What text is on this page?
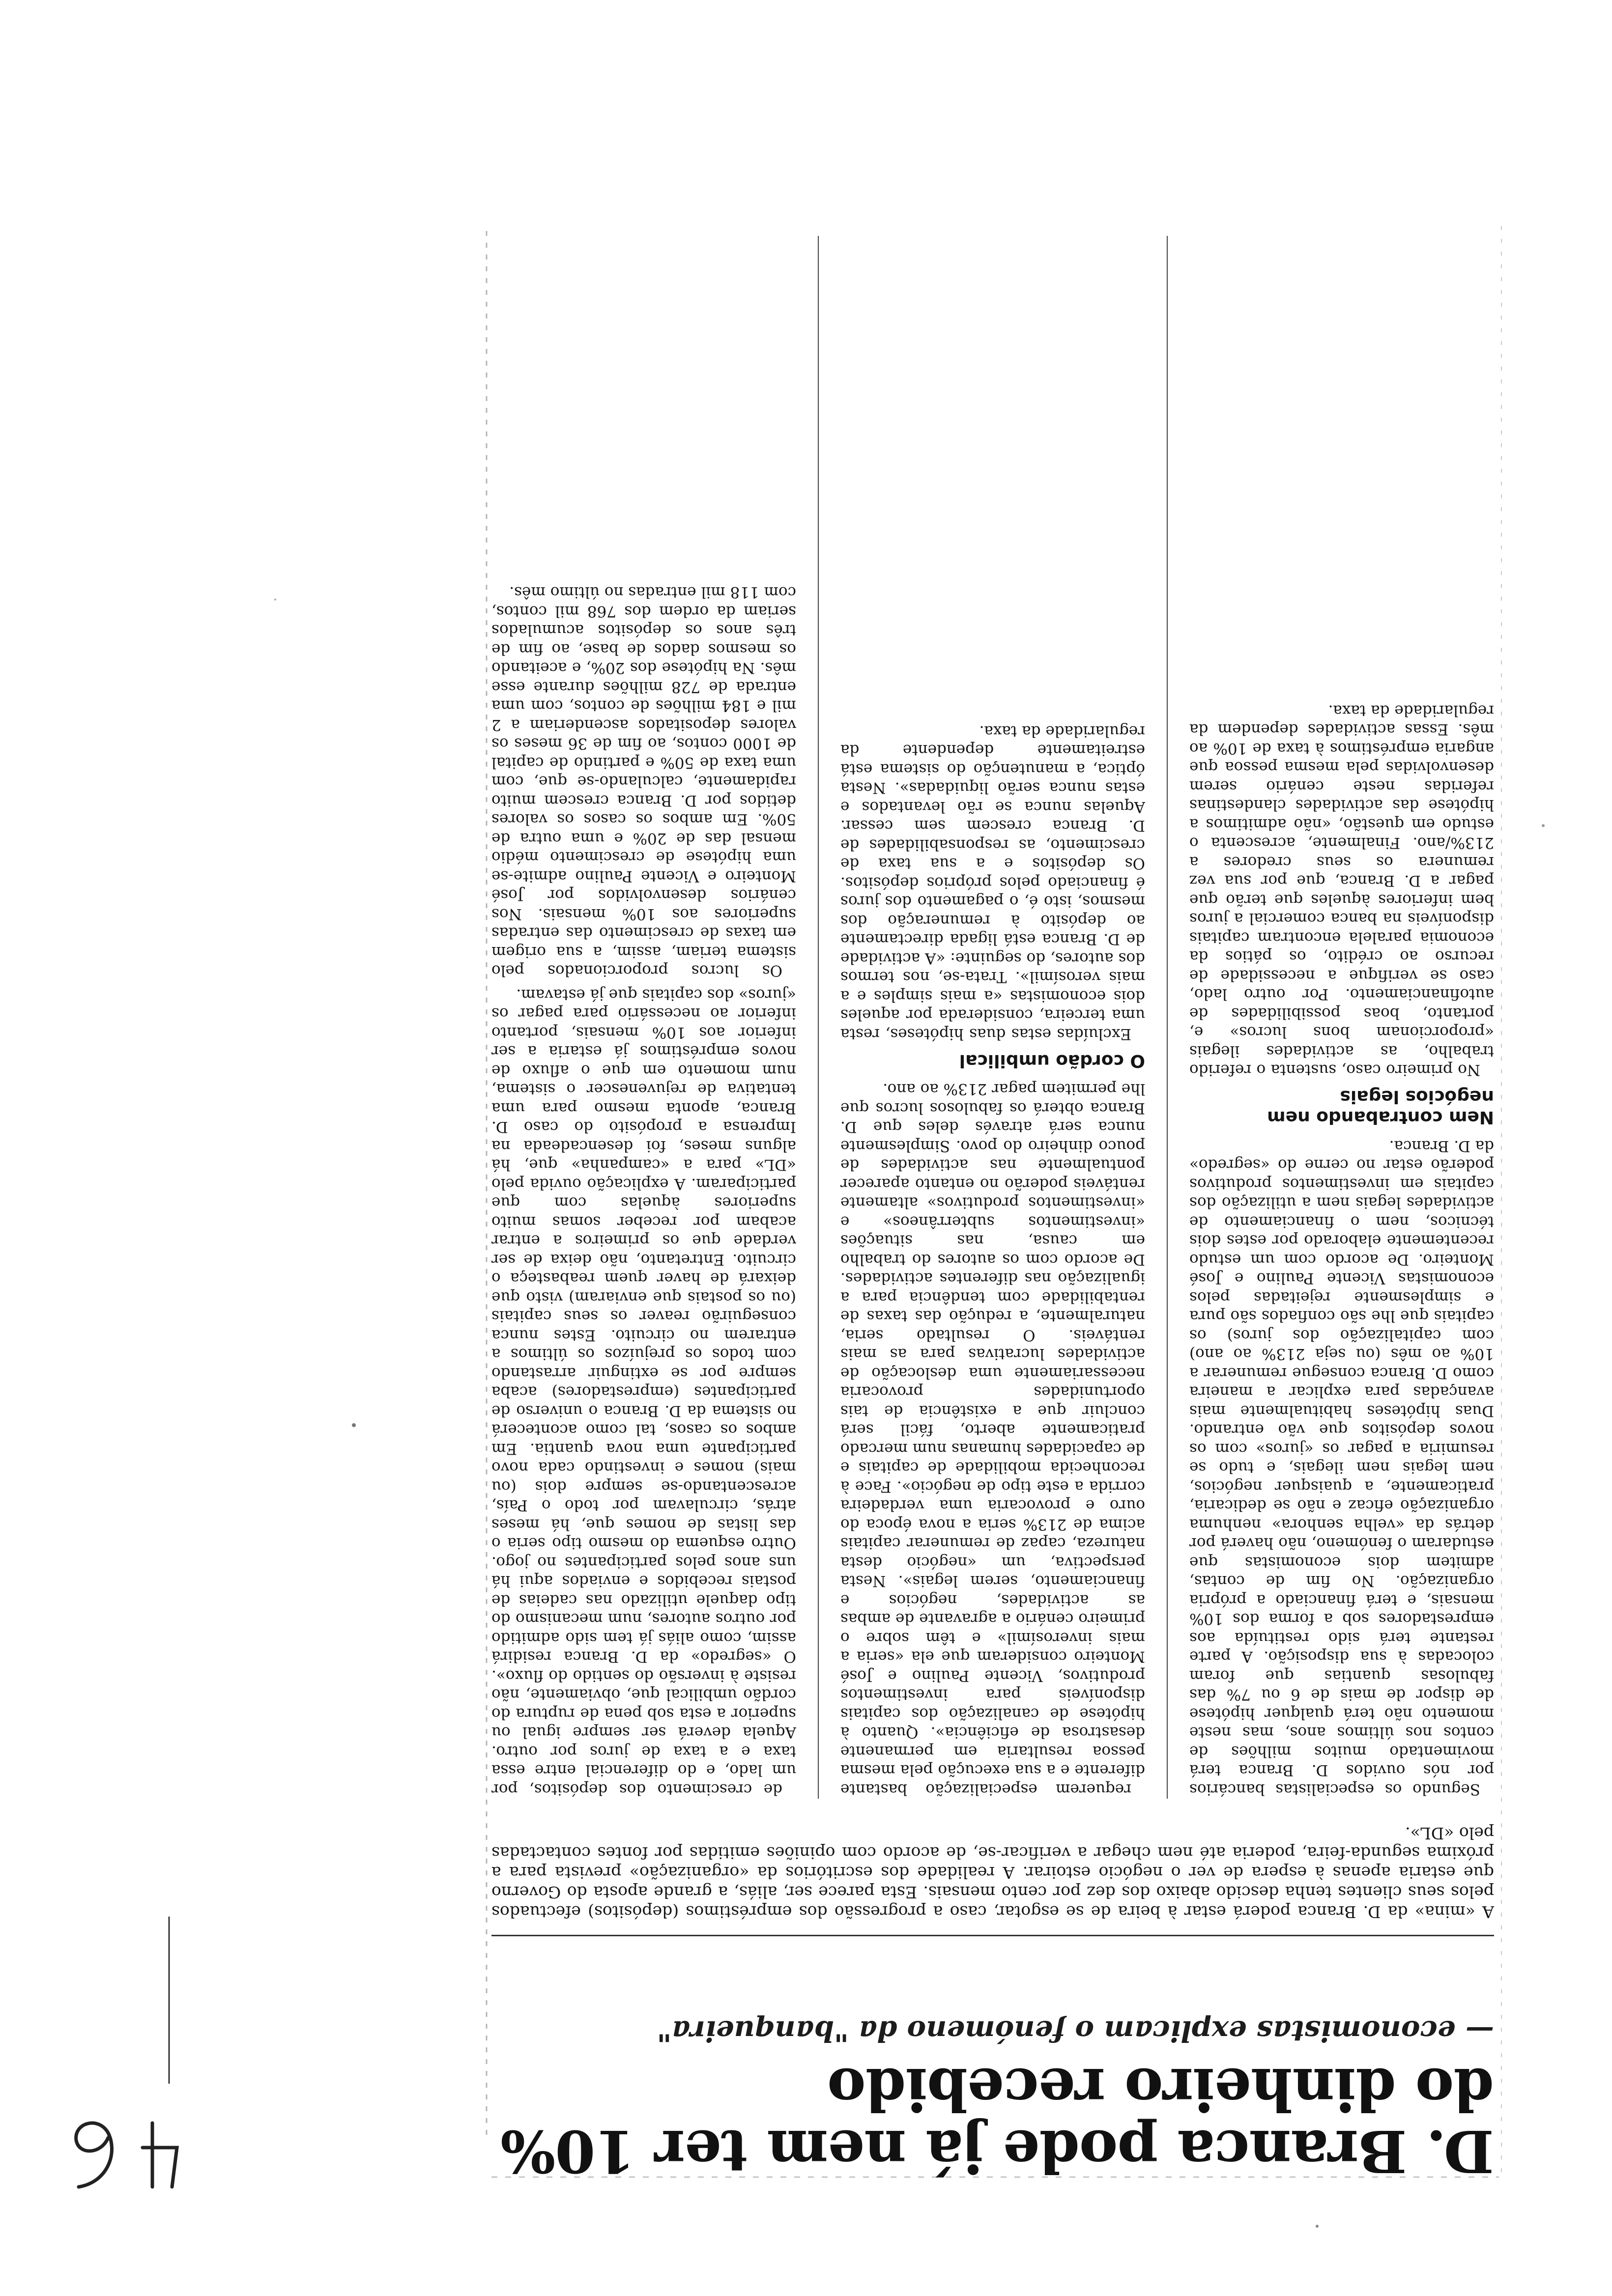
D. Branca pode já nem ter 10% do dinheiro recebido

— economistas explicam o fenómeno da "banqueira"

A «mina» da D. Branca poderá estar à beira de se esgotar, caso a progressão dos empréstimos (depósitos) efectuados pelos seus clientes tenha descido abaixo dos dez por cento mensais. Esta parece ser, aliás, a grande aposta do Governo que estaria apenas à espera de ver o negócio estoirar. A realidade dos escritórios da «organização» prevista para a próxima segunda-feira, poderia até nem chegar a verificar-se, de acordo com opiniões emitidas por fontes contactadas pelo «DL».

Segundo os especialistas bancários por nós ouvidos D. Branca terá movimentado muitos milhões de contos nos últimos anos, mas neste momento não terá qualquer hipótese de dispor de mais de 6 ou 7% das fabulosas quantias que foram colocadas à sua disposição. A parte restante terá sido restituída aos emprestadores sob a forma dos 10% mensais, e terá financiado a própria organização. No fim de contas, admitem dois economistas que estudaram o fenómeno, não haverá por detrás da «velha senhora» nenhuma organização eficaz e não se dedicaria, praticamente, a quaisquer negócios, nem legais nem ilegais, e tudo se resumiria a pagar os «juros» com os novos depósitos que vão entrando. Duas hipóteses habitualmente mais avançadas para explicar a maneira como D. Branca consegue remunerar a 10% ao mês (ou seja 213% ao ano) com capitalização dos juros) os capitais que lhe são confiados são pura e simplesmente rejeitadas pelos economistas Vicente Paulino e José Monteiro. De acordo com um estudo recentemente elaborado por estes dois técnicos, nem o financiamento de actividades legais nem a utilização dos capitais em investimentos produtivos poderão estar no cerne do «segredo» da D. Branca.

Nem contrabando nem negócios legais

No primeiro caso, sustenta o referido trabalho, as actividades ilegais «proporcionam bons lucros» e, portanto, boas possibilidades de autofinanciamento. Por outro lado, caso se verifique a necessidade de recurso ao crédito, os pátios da economia paralela encontram capitais disponíveis na banca comercial a juros bem inferiores àqueles que terão que pagar a D. Branca, que por sua vez remunera os seus credores a 213%/ano. Finalmente, acrescenta o estudo em questão, «não admitimos a hipótese das actividades clandestinas referidas neste cenário serem desenvolvidas pela mesma pessoa que angaria empréstimos à taxa de 10% ao mês. Essas actividades dependem da regularidade da taxa.

requerem especialização bastante diferente e a sua execução pela mesma pessoa resultaria em permanente desastrosa de eficiência». Quanto à hipótese de canalização dos capitais disponíveis para investimentos produtivos, Vicente Paulino e José Monteiro consideram que ela «seria a mais inverosímil» e têm sobre o primeiro cenário a agravante de ambas as actividades, negócios e financiamento, serem legais». Nesta perspectiva, um «negócio desta natureza, capaz de remunerar capitais acima de 213% seria a nova época do ouro e provocaria uma verdadeira corrida a este tipo de negócio». Face à reconhecida mobilidade de capitais e de capacidades humanas num mercado praticamente aberto, fácil será concluir que a existência de tais oportunidades provocaria necessariamente uma deslocação de actividades lucrativas para as mais rentáveis. O resultado seria, naturalmente, a redução das taxas de rentabilidade com tendência para a igualização nas diferentes actividades. De acordo com os autores do trabalho em causa, nas situações «investimentos subterrâneos» e «investimentos produtivos» altamente rentáveis poderão no entanto aparecer pontualmente nas actividades de pouco dinheiro do povo. Simplesmente nunca será através deles que D. Branca obterá os fabulosos lucros que lhe permitem pagar 213% ao ano.

O cordão umbilical

Excluídas estas duas hipóteses, resta uma terceira, considerada por aqueles dois economistas «a mais simples e a mais verosímil». Trata-se, nos termos dos autores, do seguinte: «A actividade de D. Branca está ligada directamente ao depósito à remuneração dos mesmos, isto é, o pagamento dos juros é financiado pelos próprios depósitos. Os depósitos e a sua taxa de crescimento, as responsabilidades de D. Branca crescem sem cessar. Aquelas nunca se rão levantados e estas nunca serão liquidadas». Nesta óptica, a manutenção do sistema está estreitamente dependente da regularidade da taxa.

de crescimento dos depósitos, por um lado, e do diferencial entre essa taxa e a taxa de juros por outro. Aquela deverá ser sempre igual ou superior a esta sob pena de ruptura do cordão umbilical que, obviamente, não resiste à inversão do sentido do fluxo». O «segredo» da D. Branca residirá assim, como aliás já tem sido admitido por outros autores, num mecanismo do tipo daquele utilizado nas cadeias de postais recebidos e enviados aqui há uns anos pelos participantes no jogo. Outro esquema do mesmo tipo seria o das listas de nomes que, há meses atrás, circulavam por todo o País, acrescentando-se sempre dois (ou mais) nomes e investindo cada novo participante uma nova quantia. Em ambos os casos, tal como acontecerá no sistema da D. Branca o universo de participantes (emprestadores) acaba sempre por se extinguir arrastando com todos os prejuízos os últimos a entrarem no circuito. Estes nunca conseguirão reaver os seus capitais (ou os postais que enviaram) visto que deixará de haver quem reabasteça o circuito. Entretanto, não deixa de ser verdade que os primeiros a entrar acabam por receber somas muito superiores àquelas com que participaram. A explicação ouvida pelo «DL» para a «campanha» que, há alguns meses, foi desencadeada na Imprensa a propósito do caso D. Branca, aponta mesmo para uma tentativa de rejuvenescer o sistema, num momento em que o afluxo de novos empréstimos já estaria a ser inferior aos 10% mensais, portanto inferior ao necessário para pagar os «juros» dos capitais que já estavam.

Os lucros proporcionados pelo sistema teriam, assim, a sua origem em taxas de crescimento das entradas superiores aos 10% mensais. Nos cenários desenvolvidos por José Monteiro e Vicente Paulino admite-se uma hipótese de crescimento médio mensal das de 20% e uma outra de 50%. Em ambos os casos os valores detidos por D. Branca crescem muito rapidamente, calculando-se que, com uma taxa de 50% e partindo de capital de 1000 contos, ao fim de 36 meses os valores depositados ascenderiam a 2 mil e 184 milhões de contos, com uma entrada de 728 milhões durante esse mês. Na hipótese dos 20%, e aceitando os mesmos dados de base, ao fim de três anos os depósitos acumulados seriam da ordem dos 768 mil contos, com 118 mil entradas no último mês.
